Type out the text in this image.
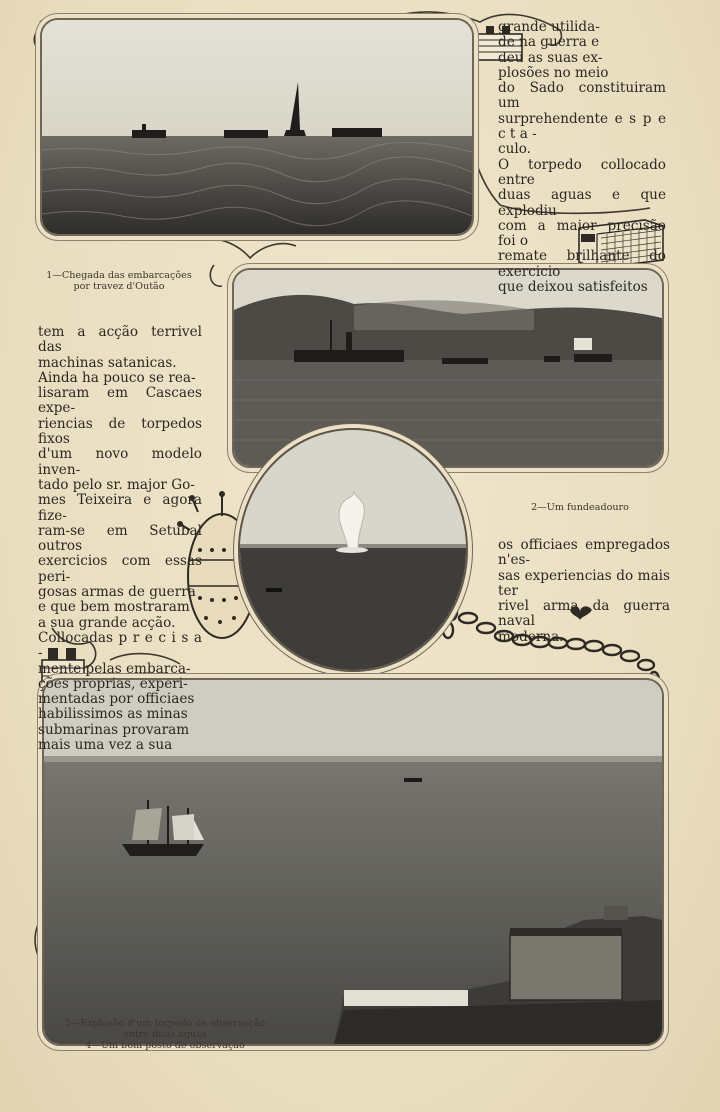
1—Chegada das embarcações
por travez d'Outão
2—Um fundeadouro
3—Explosão d'um torpedo de observação
entre duas aguas
4—Um bom posto de observação

grande utilida-
de na guerra e
deu as suas ex-
plosões no meio
do Sado constituiram um
surprehendente e s p e c t a -
culo.
O torpedo collocado entre
duas aguas e que explodiu
com a maior precisão foi o
remate brilhante do exercicio
que deixou satisfeitos

tem a acção terrivel das
machinas satanicas.
Ainda ha pouco se rea-
lisaram em Cascaes expe-
riencias de torpedos fixos
d'um novo modelo inven-
tado pelo sr. major Go-
mes Teixeira e agora fize-
ram-se em Setubal outros
exercicios com essas peri-
gosas armas de guerra
e que bem mostraram
a sua grande acção.
Collocadas p r e c i s a -
mente pelas embarca-
ções proprias, experi-
mentadas por officiaes
habilissimos as minas
submarinas provaram
mais uma vez a sua

os officiaes empregados n'es-
sas experiencias do mais ter
rivel arma da guerra naval
moderna.
